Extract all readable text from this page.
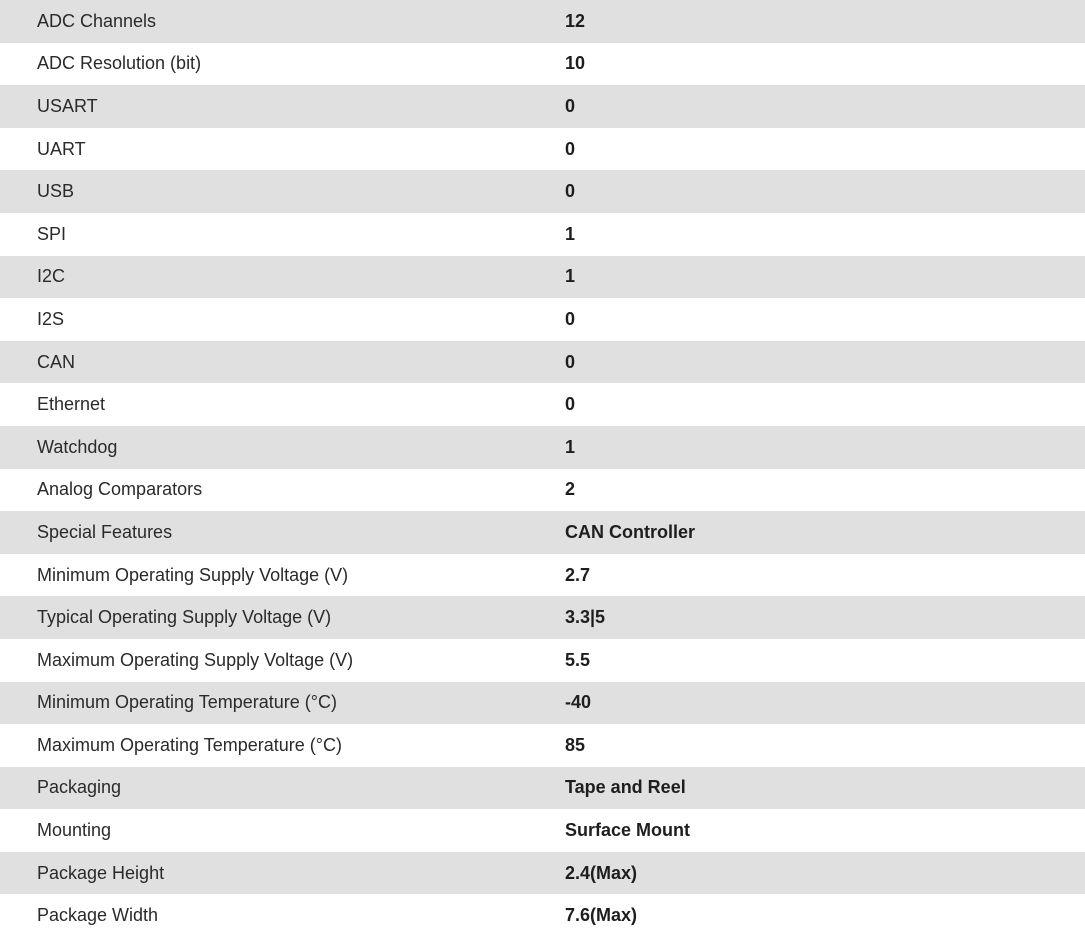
ADC Channels	12
ADC Resolution (bit)	10
USART	0
UART	0
USB	0
SPI	1
I2C	1
I2S	0
CAN	0
Ethernet	0
Watchdog	1
Analog Comparators	2
Special Features	CAN Controller
Minimum Operating Supply Voltage (V)	2.7
Typical Operating Supply Voltage (V)	3.3|5
Maximum Operating Supply Voltage (V)	5.5
Minimum Operating Temperature (°C)	-40
Maximum Operating Temperature (°C)	85
Packaging	Tape and Reel
Mounting	Surface Mount
Package Height	2.4(Max)
Package Width	7.6(Max)
